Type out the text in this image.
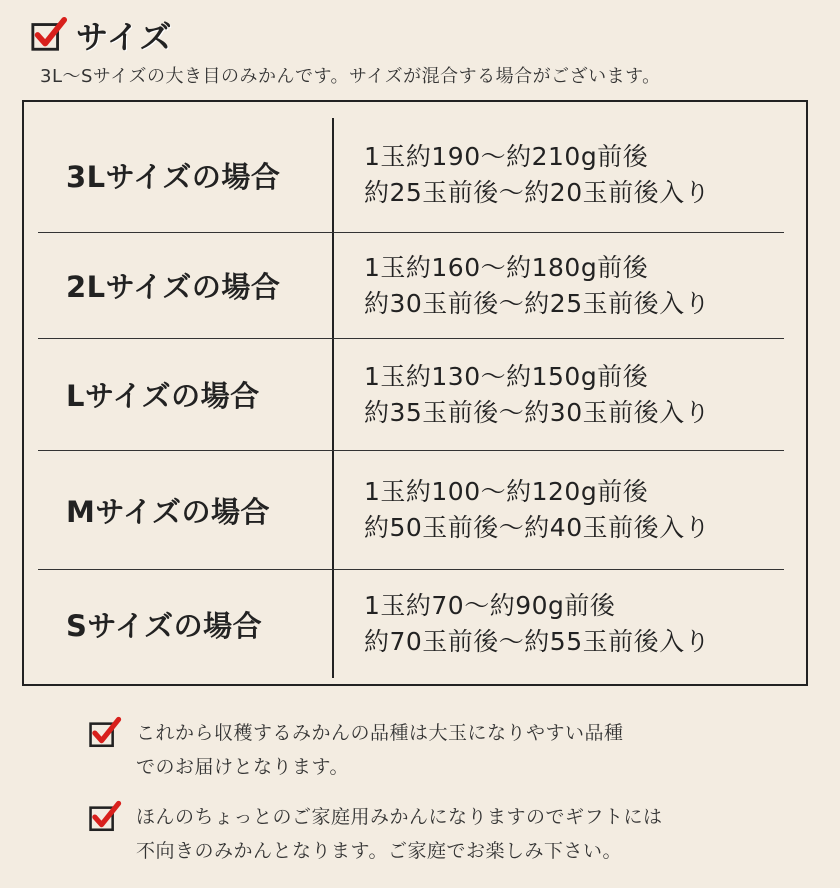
サイズ
3L～Sサイズの大き目のみかんです。サイズが混合する場合がございます。
3Lサイズの場合
1玉約190～約210g前後
約25玉前後～約20玉前後入り
2Lサイズの場合
1玉約160～約180g前後
約30玉前後～約25玉前後入り
Lサイズの場合
1玉約130～約150g前後
約35玉前後～約30玉前後入り
Mサイズの場合
1玉約100～約120g前後
約50玉前後～約40玉前後入り
Sサイズの場合
1玉約70～約90g前後
約70玉前後～約55玉前後入り
これから収穫するみかんの品種は大玉になりやすい品種
でのお届けとなります。
ほんのちょっとのご家庭用みかんになりますのでギフトには
不向きのみかんとなります。ご家庭でお楽しみ下さい。
